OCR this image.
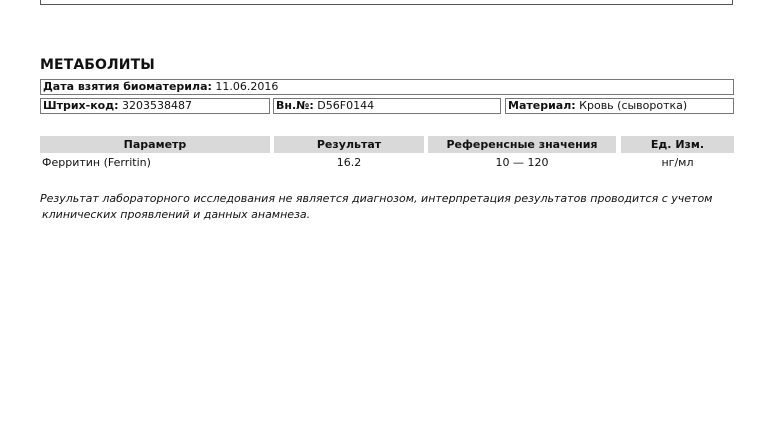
МЕТАБОЛИТЫ
Дата взятия биоматерила: 11.06.2016
Штрих-код: 3203538487	Вн.№: D56F0144	Материал: Кровь (сыворотка)
Параметр	Результат	Референсные значения	Ед. Изм.
Ферритин (Ferritin)	16.2	10 — 120	нг/мл
Результат лабораторного исследования не является диагнозом, интерпретация результатов проводится с учетом
клинических проявлений и данных анамнеза.
